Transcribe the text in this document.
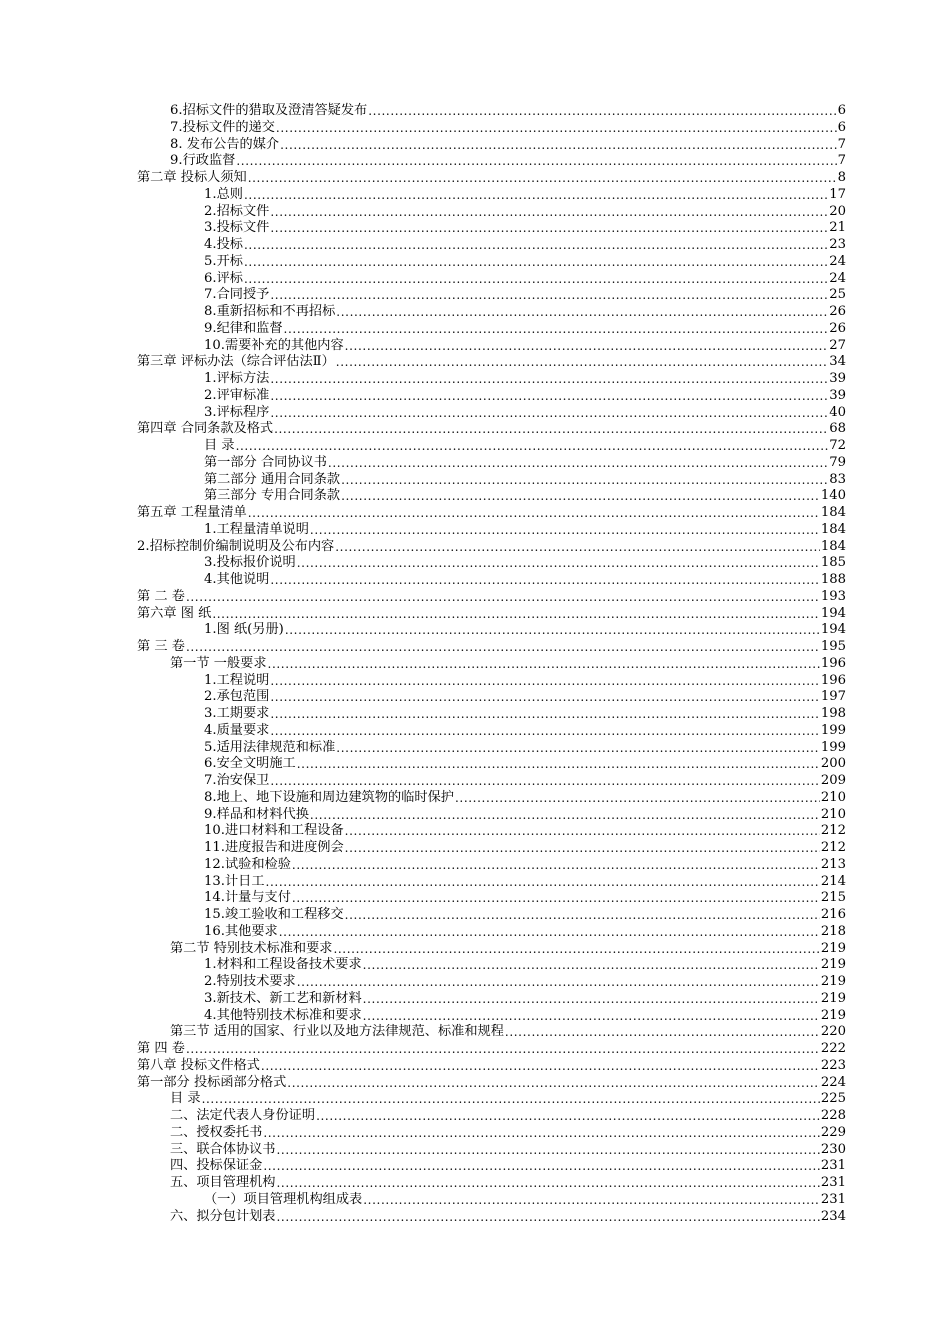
6.招标文件的猎取及澄清答疑发布 . . .	6
7.投标文件的递交 . . .	6
8. 发布公告的媒介 . . .	7
9.行政监督 . . .	7
第二章 投标人须知 . . .	8
1.总则 . . .	17
2.招标文件 . . .	20
3.投标文件 . . .	21
4.投标 . . .	23
5.开标 . . .	24
6.评标 . . .	24
7.合同授予 . . .	25
8.重新招标和不再招标 . . .	26
9.纪律和监督 . . .	26
10.需要补充的其他内容 . . .	27
第三章 评标办法（综合评估法Ⅱ） . . .	34
1.评标方法 . . .	39
2.评审标准 . . .	39
3.评标程序 . . .	40
第四章 合同条款及格式 . . .	68
目 录 . . .	72
第一部分 合同协议书 . . .	79
第二部分 通用合同条款 . . .	83
第三部分 专用合同条款 . . .	140
第五章 工程量清单 . . .	184
1.工程量清单说明 . . .	184
2.招标控制价编制说明及公布内容 . . .	184
3.投标报价说明 . . .	185
4.其他说明 . . .	188
第 二 卷 . . .	193
第六章 图 纸 . . .	194
1.图 纸(另册) . . .	194
第 三 卷 . . .	195
第一节 一般要求 . . .	196
1.工程说明 . . .	196
2.承包范围 . . .	197
3.工期要求 . . .	198
4.质量要求 . . .	199
5.适用法律规范和标准 . . .	199
6.安全文明施工 . . .	200
7.治安保卫 . . .	209
8.地上、地下设施和周边建筑物的临时保护 . . .	210
9.样品和材料代换 . . .	210
10.进口材料和工程设备 . . .	212
11.进度报告和进度例会 . . .	212
12.试验和检验 . . .	213
13.计日工 . . .	214
14.计量与支付 . . .	215
15.竣工验收和工程移交 . . .	216
16.其他要求 . . .	218
第二节 特别技术标准和要求 . . .	219
1.材料和工程设备技术要求 . . .	219
2.特别技术要求 . . .	219
3.新技术、新工艺和新材料 . . .	219
4.其他特别技术标准和要求 . . .	219
第三节 适用的国家、行业以及地方法律规范、标准和规程 . . .	220
第 四 卷 . . .	222
第八章 投标文件格式 . . .	223
第一部分 投标函部分格式 . . .	224
目 录 . . .	225
二、法定代表人身份证明 . . .	228
二、授权委托书 . . .	229
三、联合体协议书 . . .	230
四、投标保证金 . . .	231
五、项目管理机构 . . .	231
（一）项目管理机构组成表 . . .	231
六、拟分包计划表 . . .	234
